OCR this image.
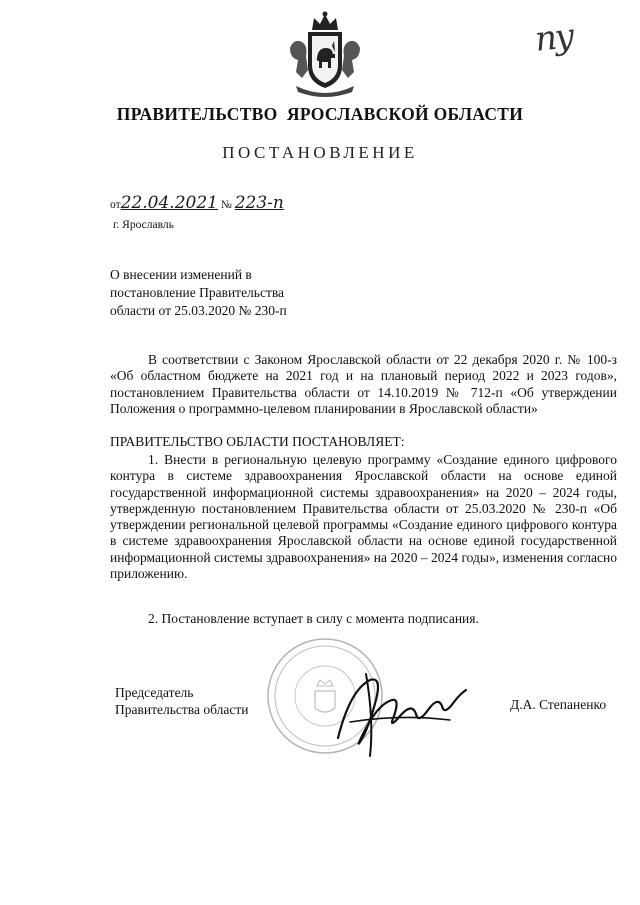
пу
ПРАВИТЕЛЬСТВО  ЯРОСЛАВСКОЙ ОБЛАСТИ
ПОСТАНОВЛЕНИЕ
от22.04.2021 № 223-п
г. Ярославль
О внесении изменений в
постановление Правительства
области от 25.03.2020 № 230-п
В соответствии с Законом Ярославской области от 22 декабря 2020 г. № 100-з «Об областном бюджете на 2021 год и на плановый период 2022 и 2023 годов», постановлением Правительства области от 14.10.2019 № 712-п «Об утверждении Положения о программно-целевом планировании в Ярославской области»
ПРАВИТЕЛЬСТВО ОБЛАСТИ ПОСТАНОВЛЯЕТ:
1. Внести в региональную целевую программу «Создание единого цифрового контура в системе здравоохранения Ярославской области на основе единой государственной информационной системы здравоохранения» на 2020 – 2024 годы, утвержденную постановлением Правительства области от 25.03.2020 № 230-п «Об утверждении региональной целевой программы «Создание единого цифрового контура в системе здравоохранения Ярославской области на основе единой государственной информационной системы здравоохранения» на 2020 – 2024 годы», изменения согласно приложению.
2. Постановление вступает в силу с момента подписания.
Председатель
Правительства области	Д.А. Степаненко
